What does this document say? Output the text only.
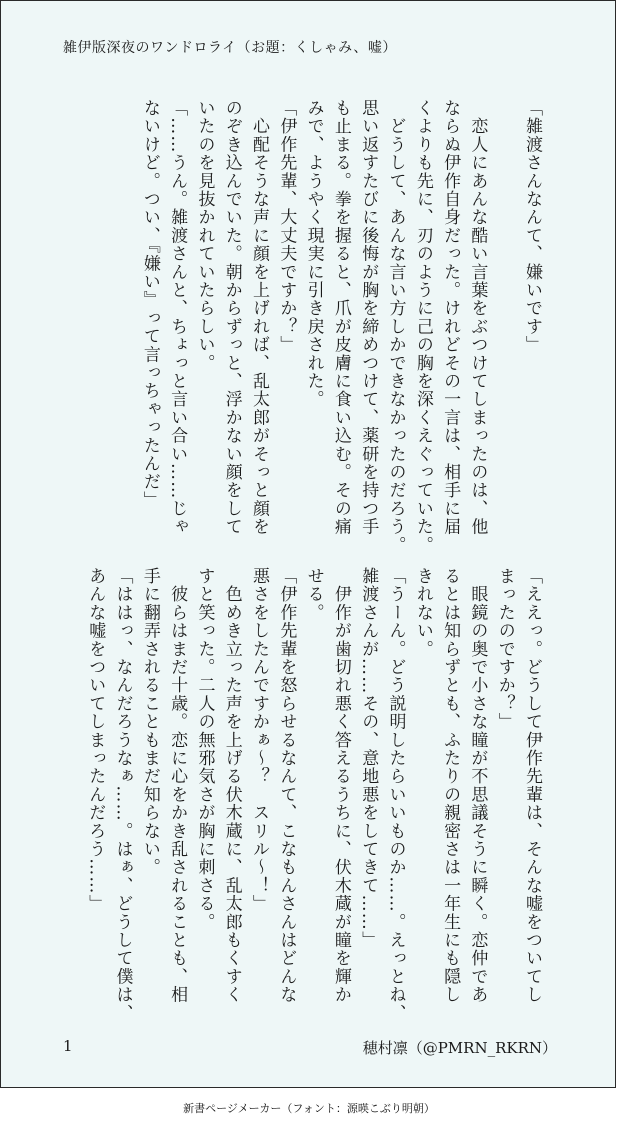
雑伊版深夜のワンドロライ（お題：くしゃみ、嘘）
「雑渡さんなんて、嫌いです」

　恋人にあんな酷い言葉をぶつけてしまったのは、他
ならぬ伊作自身だった。けれどその一言は、相手に届
くよりも先に、刃のように己の胸を深くえぐっていた。
　どうして、あんな言い方しかできなかったのだろう。
思い返すたびに後悔が胸を締めつけて、薬研を持つ手
も止まる。拳を握ると、爪が皮膚に食い込む。その痛
みで、ようやく現実に引き戻された。
「伊作先輩、大丈夫ですか？」
　心配そうな声に顔を上げれば、乱太郎がそっと顔を
のぞき込んでいた。朝からずっと、浮かない顔をして
いたのを見抜かれていたらしい。
「……うん。雑渡さんと、ちょっと言い合い……じゃ
ないけど。つい、『嫌い』って言っちゃったんだ」
「ええっ。どうして伊作先輩は、そんな嘘をついてし
まったのですか？」
　眼鏡の奥で小さな瞳が不思議そうに瞬く。恋仲であ
るとは知らずとも、ふたりの親密さは一年生にも隠し
きれない。
「うーん。どう説明したらいいものか……。えっとね、
雑渡さんが……その、意地悪をしてきて……」
　伊作が歯切れ悪く答えるうちに、伏木蔵が瞳を輝か
せる。
「伊作先輩を怒らせるなんて、こなもんさんはどんな
悪さをしたんですかぁ〜？　スリル〜！」
　色めき立った声を上げる伏木蔵に、乱太郎もくすく
すと笑った。二人の無邪気さが胸に刺さる。
　彼らはまだ十歳。恋に心をかき乱されることも、相
手に翻弄されることもまだ知らない。
「ははっ、なんだろうなぁ……。はぁ、どうして僕は、
あんな嘘をついてしまったんだろう……」
1	穂村凛（@PMRN_RKRN）
新書ページメーカー（フォント：源暎こぶり明朝）
